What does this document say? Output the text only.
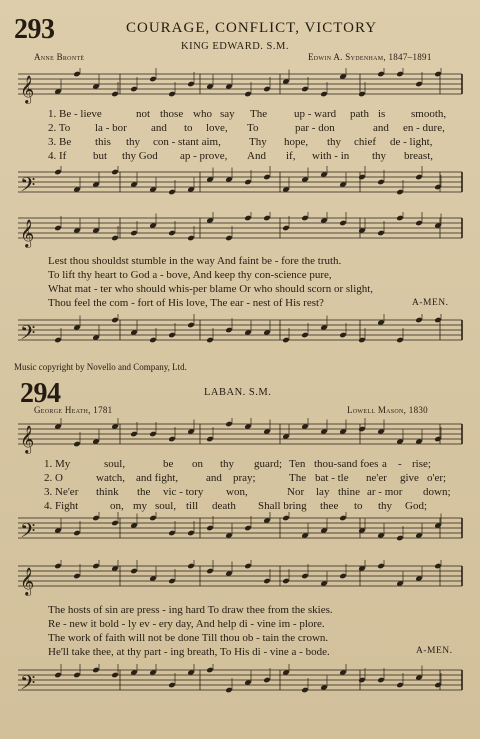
293	COURAGE, CONFLICT, VICTORY
KING EDWARD. S.M.
Anne Brontë	Edwin A. Sydenham, 1847–1891
𝄞
𝄢
𝄞
𝄢
1. Be - lieve	not those who say The up - ward path is smooth,
2. To la - bor and to love, To	par - don	and en - dure,
3. Be this thy con - stant aim,	Thy hope, thy chief de - light,
4. If but thy God ap - prove, And if, with - in thy breast,
Lest thou shouldst stumble in the way And faint be - fore the truth.
To lift thy heart to God a - bove, And keep thy con-science pure,
What mat - ter who should whis-per blame Or who should scorn or slight,
Thou feel the com - fort of His love, The ear - nest of His rest?	A-MEN.
Music copyright by Novello and Company, Ltd.
294	LABAN. S.M.
George Heath, 1781	Lowell Mason, 1830
𝄞
𝄢
𝄞
𝄢
1. My	soul,	be on thy guard; Ten thou-sand foes a - rise;
2. O	watch, and fight,	and pray;	The bat - tle ne'er give o'er;
3. Ne'er think the vic - tory won,	Nor lay thine ar - mor down;
4. Fight	on, my soul, till death Shall bring thee to thy God;
The hosts of sin are press - ing hard To draw thee from the skies.
Re - new it bold - ly ev - ery day, And help di - vine im - plore.
The work of faith will not be done Till thou ob - tain the crown.
He'll take thee, at thy part - ing breath, To His di - vine a - bode.	A-MEN.
